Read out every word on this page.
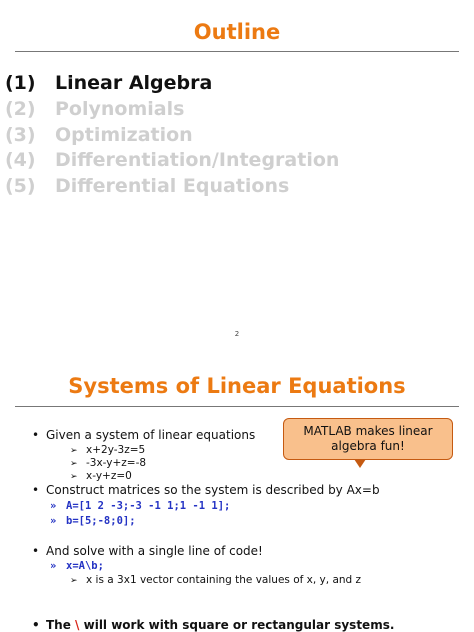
Outline
(1) Linear Algebra
(2) Polynomials
(3) Optimization
(4) Differentiation/Integration
(5) Differential Equations
2
Systems of Linear Equations
MATLAB makes linear algebra fun!
• Given a system of linear equations
➢ x+2y-3z=5
➢ -3x-y+z=-8
➢ x-y+z=0
• Construct matrices so the system is described by Ax=b
» A=[1 2 -3;-3 -1 1;1 -1 1];
» b=[5;-8;0];
• And solve with a single line of code!
» x=A\b;
➢ x is a 3x1 vector containing the values of x, y, and z
• The \ will work with square or rectangular systems.
